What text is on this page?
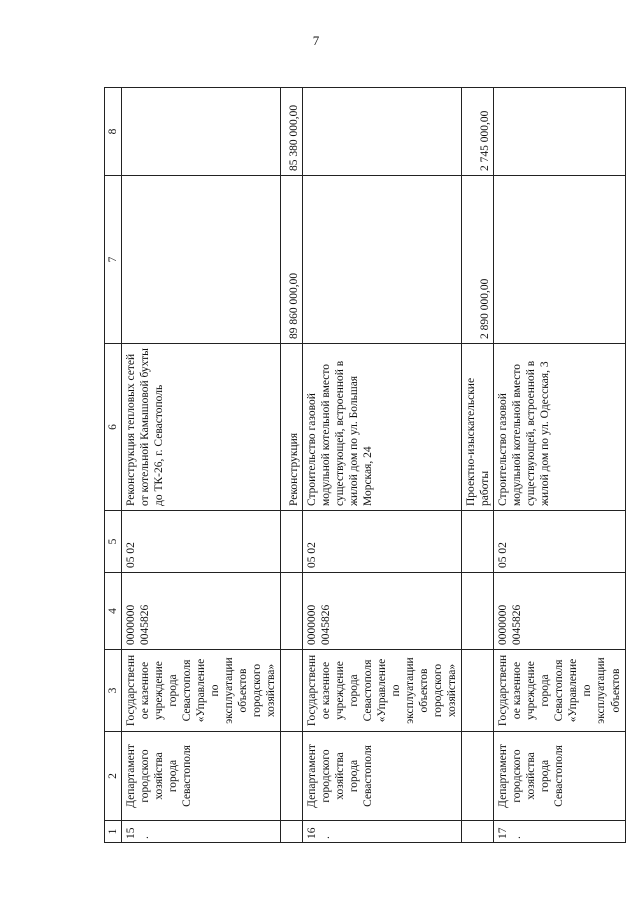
7
1	2	3	4	5	6	7	8
15.	Департамент городского хозяйства города Севастополя	Государственное казенное учреждение города Севастополя «Управление по эксплуатации объектов городского хозяйства»	0000000 0045826	05 02	Реконструкция тепловых сетей от котельной Камышовой бухты до ТК-26, г. Севастополь		
					Реконструкция	89 860 000,00	85 380 000,00
16.	Департамент городского хозяйства города Севастополя	Государственное казенное учреждение города Севастополя «Управление по эксплуатации объектов городского хозяйства»	0000000 0045826	05 02	Строительство газовой модульной котельной вместо существующей, встроенной в жилой дом по ул. Большая Морская, 24		
					Проектно-изыскательские работы	2 890 000,00	2 745 000,00
17.	Департамент городского хозяйства города Севастополя	Государственное казенное учреждение города Севастополя «Управление по эксплуатации объектов	0000000 0045826	05 02	Строительство газовой модульной котельной вместо существующей, встроенной в жилой дом по ул. Одесская, 3		
